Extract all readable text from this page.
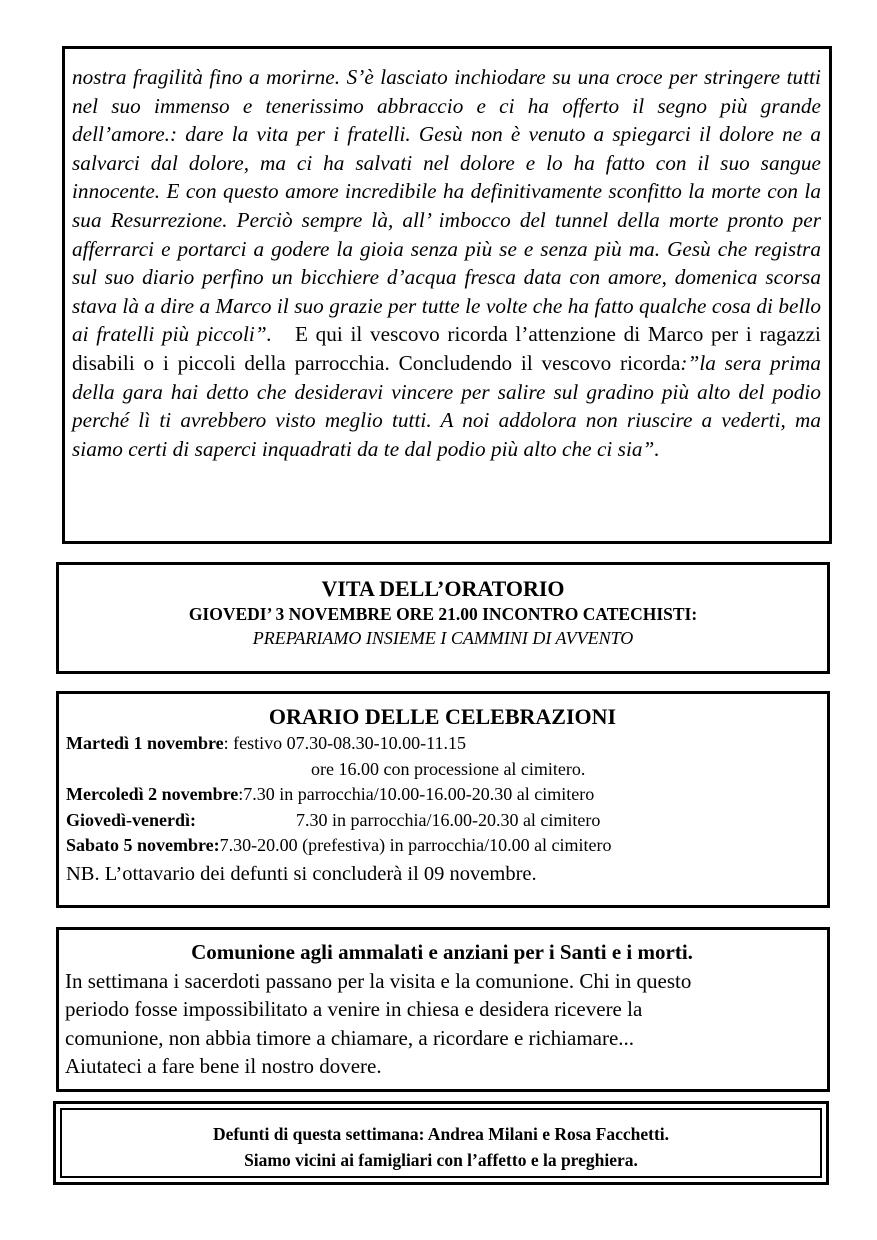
nostra fragilità fino a morirne. S’è lasciato inchiodare su una croce per stringere tutti nel suo immenso e tenerissimo abbraccio e ci ha offerto il segno più grande dell’amore.: dare la vita per i fratelli. Gesù non è venuto a spiegarci il dolore ne a salvarci dal dolore, ma ci ha salvati nel dolore e lo ha fatto con il suo sangue innocente. E con questo amore incredibile ha definitivamente sconfitto la morte con la sua Resurrezione. Perciò sempre là, all’ imbocco del tunnel della morte pronto per afferrarci e portarci a godere la gioia senza più se e senza più ma. Gesù che registra sul suo diario perfino un bicchiere d’acqua fresca data con amore, domenica scorsa stava là a dire a Marco il suo grazie per tutte le volte che ha fatto qualche cosa di bello ai fratelli più piccoli”. E qui il vescovo ricorda l’attenzione di Marco per i ragazzi disabili o i piccoli della parrocchia. Concludendo il vescovo ricorda:”la sera prima della gara hai detto che desideravi vincere per salire sul gradino più alto del podio perché lì ti avrebbero visto meglio tutti. A noi addolora non riuscire a vederti, ma siamo certi di saperci inquadrati da te dal podio più alto che ci sia”.
VITA DELL’ORATORIO
GIOVEDI’ 3 NOVEMBRE ORE 21.00 INCONTRO CATECHISTI:
PREPARIAMO INSIEME I CAMMINI DI AVVENTO
ORARIO DELLE CELEBRAZIONI
Martedì 1 novembre: festivo 07.30-08.30-10.00-11.15
ore 16.00 con processione al cimitero.
Mercoledì 2 novembre:7.30 in parrocchia/10.00-16.00-20.30 al cimitero
Giovedì-venerdì:	7.30 in parrocchia/16.00-20.30 al cimitero
Sabato 5 novembre:7.30-20.00 (prefestiva) in parrocchia/10.00 al cimitero
NB. L’ottavario dei defunti si concluderà il 09 novembre.
Comunione agli ammalati e anziani per i Santi e i morti.
In settimana i sacerdoti passano per la visita e la comunione. Chi in questo
periodo fosse impossibilitato a venire in chiesa e desidera ricevere la
comunione, non abbia timore a chiamare, a ricordare e richiamare...
Aiutateci a fare bene il nostro dovere.
Defunti di questa settimana: Andrea Milani e Rosa Facchetti.
Siamo vicini ai famigliari con l’affetto e la preghiera.
